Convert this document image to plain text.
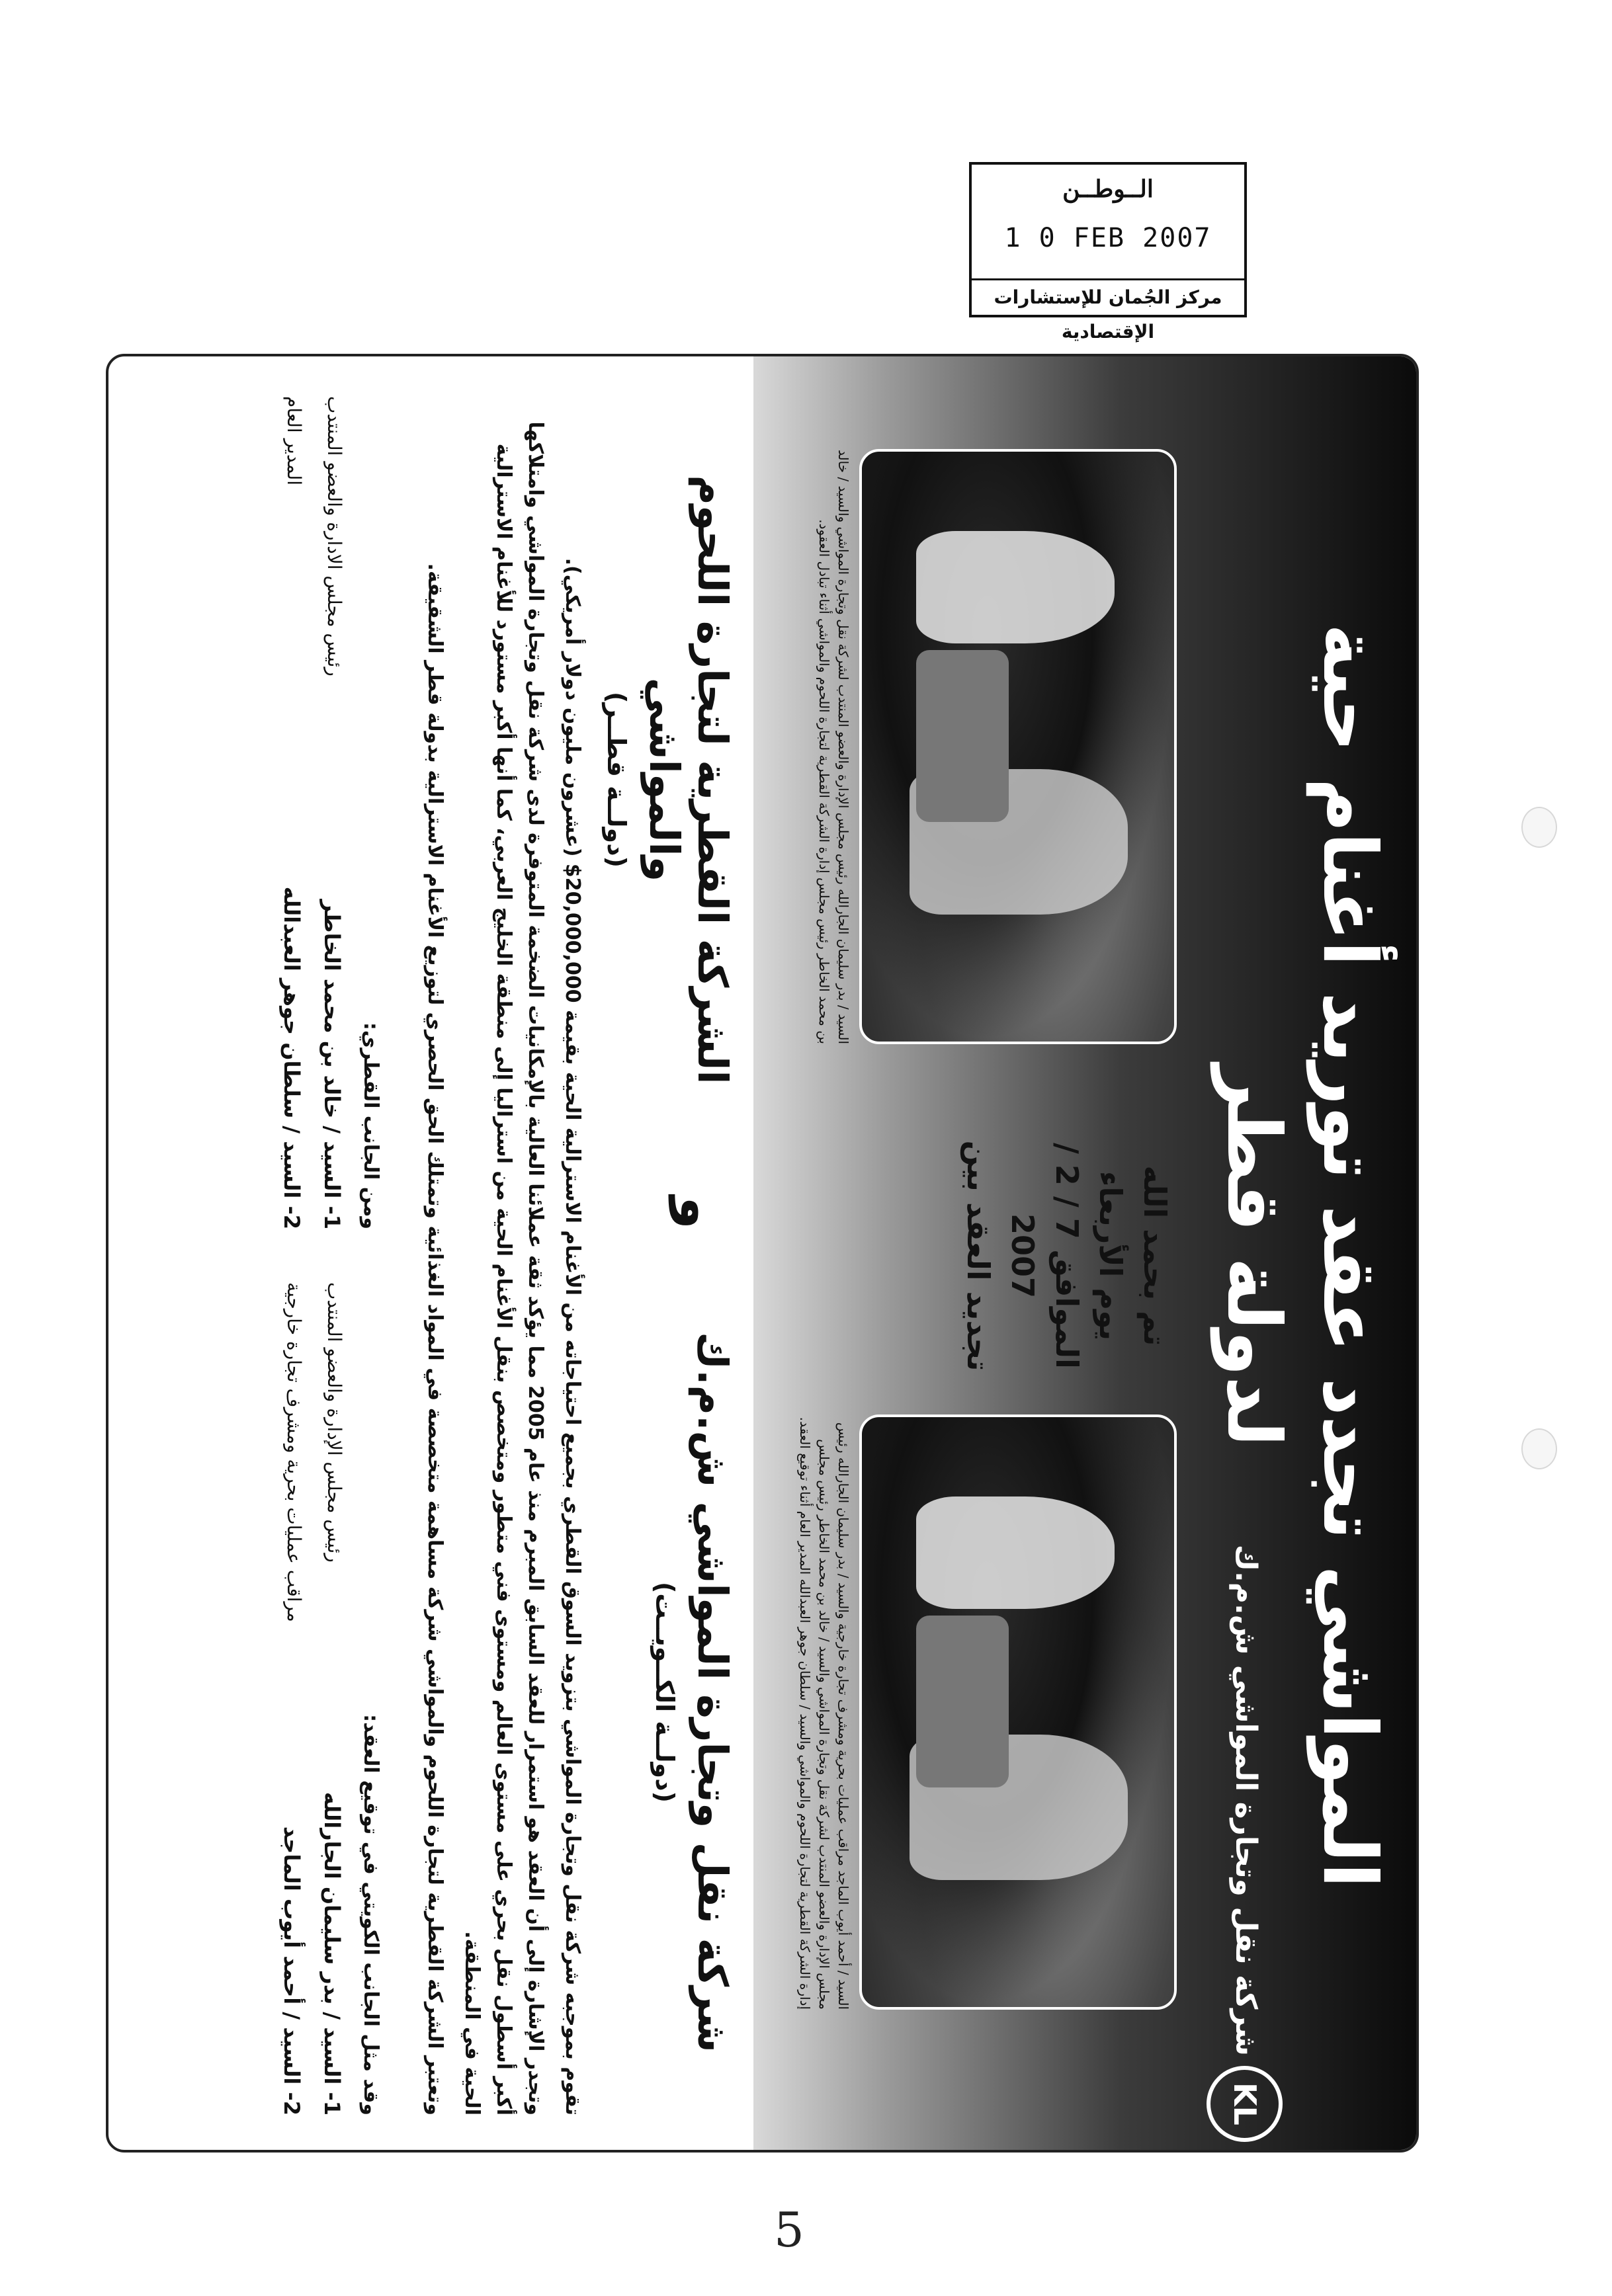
الــوطــن
1 0 FEB 2007
مركز الجُمان للإستشارات الإقتصادية
المواشي تجدد عقد توريد أغنام حية
لدولة قطر
KL
شركة نقل وتجارة المواشي ش.م.ك
تم بحمد الله يوم الأربعاء
الموافق 7 / 2 / 2007
تجديد العقد بين
السيد / بدر سليمان الجارالله رئيس مجلس الإدارة والعضو المنتدب لشركة نقل وتجارة المواشي والسيد / خالد بن محمد الخاطر رئيس مجلس إدارة الشركة القطرية لتجارة اللحوم والمواشي أثناء تبادل العقود.
السيد / أحمد أيوب الماجد مراقب عمليات بحرية ومشرف تجارة خارجية والسيد / بدر سليمان الجارالله رئيس مجلس الإدارة والعضو المنتدب لشركة نقل وتجارة المواشي والسيد / خالد بن محمد الخاطر رئيس مجلس إدارة الشركة القطرية لتجارة اللحوم والمواشي والسيد / سلطان جوهر العبدالله المدير العام أثناء توقيع العقد.
شركة نقل وتجارة المواشي ش.م.ك
(دولــة الكــويــت)
و
الشركة القطرية لتجارة اللحوم والمواشي
(دولــة قطــر)

تقوم بموجبه شركة نقل وتجارة المواشي بتزويد السوق القطري بجميع احتياجاته من الأغنام الاسترالية الحية بقيمة 20,000,000$ (عشرون مليون دولار أمريكي).

وتجدر الإشارة إلى أن العقد هو استمرار للعقد السابق المبرم منذ عام 2005 مما يؤكد ثقة عملائنا العالية بالإمكانيات الضخمة المتوفرة لدى شركة نقل وتجارة المواشي وامتلاكها أكبر أسطول نقل بحري على مستوى العالم ومستوى فني متطور ومتخصص بنقل الأغنام الحية من استراليا إلى منطقة الخليج العربي، كما أنها أكبر مستورد للأغنام الاسترالية الحية في المنطقة.

وتعتبر الشركة القطرية لتجارة اللحوم والمواشي شركة مساهمة متخصصة في المواد الغذائية وتمتلك الحق الحصري لتوزيع الأغنام الاسترالية بدولة قطر الشقيقة.

وقد مثل الجانب الكويتي في توقيع العقد:
1- السيد / بدر سليمان الجارالله
رئيس مجلس الإدارة والعضو المنتدب
2- السيد / أحمد أيوب الماجد
مراقب عمليات بحرية ومشرف تجارة خارجية
ومن الجانب القطري:
1- السيد / خالد بن محمد الخاطر
رئيس مجلس الادارة والعضو المنتدب
2- السيد / سلطان جوهر العبدالله
المدير العام
5
